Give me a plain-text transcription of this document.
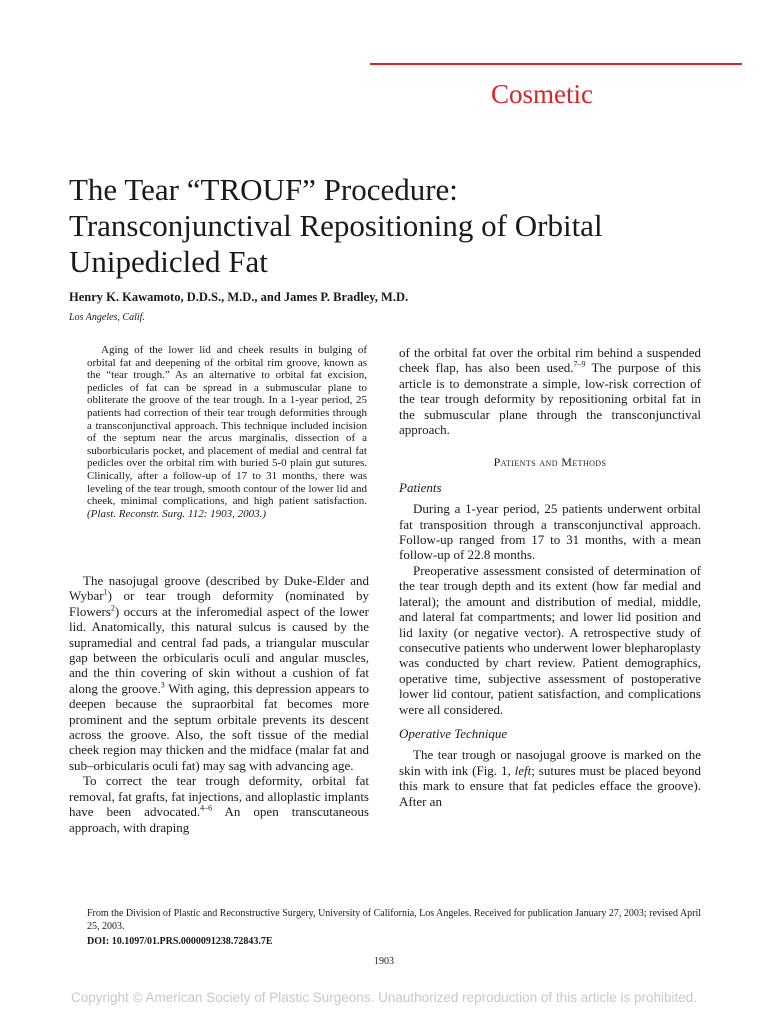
Cosmetic
The Tear “TROUF” Procedure:
Transconjunctival Repositioning of Orbital
Unipedicled Fat
Henry K. Kawamoto, D.D.S., M.D., and James P. Bradley, M.D.
Los Angeles, Calif.

Aging of the lower lid and cheek results in bulging of orbital fat and deepening of the orbital rim groove, known as the “tear trough.” As an alternative to orbital fat excision, pedicles of fat can be spread in a submuscular plane to obliterate the groove of the tear trough. In a 1-year period, 25 patients had correction of their tear trough deformities through a transconjunctival approach. This technique included incision of the septum near the arcus marginalis, dissection of a suborbicularis pocket, and placement of medial and central fat pedicles over the orbital rim with buried 5-0 plain gut sutures. Clinically, after a follow-up of 17 to 31 months, there was leveling of the tear trough, smooth contour of the lower lid and cheek, minimal complications, and high patient satisfaction. (Plast. Reconstr. Surg. 112: 1903, 2003.)

The nasojugal groove (described by Duke-Elder and Wybar$^1$) or tear trough deformity (nominated by Flowers$^2$) occurs at the inferomedial aspect of the lower lid. Anatomically, this natural sulcus is caused by the supramedial and central fad pads, a triangular muscular gap between the orbicularis oculi and angular muscles, and the thin covering of skin without a cushion of fat along the groove.$^3$ With aging, this depression appears to deepen because the supraorbital fat becomes more prominent and the septum orbitale prevents its descent across the groove. Also, the soft tissue of the medial cheek region may thicken and the midface (malar fat and sub–orbicularis oculi fat) may sag with advancing age.

To correct the tear trough deformity, orbital fat removal, fat grafts, fat injections, and alloplastic implants have been advocated.$^{4-6}$ An open transcutaneous approach, with draping

of the orbital fat over the orbital rim behind a suspended cheek flap, has also been used.$^{7-9}$ The purpose of this article is to demonstrate a simple, low-risk correction of the tear trough deformity by repositioning orbital fat in the submuscular plane through the transconjunctival approach.

Patients and Methods
Patients

During a 1-year period, 25 patients underwent orbital fat transposition through a transconjunctival approach. Follow-up ranged from 17 to 31 months, with a mean follow-up of 22.8 months.

Preoperative assessment consisted of determination of the tear trough depth and its extent (how far medial and lateral); the amount and distribution of medial, middle, and lateral fat compartments; and lower lid position and lid laxity (or negative vector). A retrospective study of consecutive patients who underwent lower blepharoplasty was conducted by chart review. Patient demographics, operative time, subjective assessment of postoperative lower lid contour, patient satisfaction, and complications were all considered.

Operative Technique

The tear trough or nasojugal groove is marked on the skin with ink (Fig. 1, left; sutures must be placed beyond this mark to ensure that fat pedicles efface the groove). After an

From the Division of Plastic and Reconstructive Surgery, University of California, Los Angeles. Received for publication January 27, 2003; revised April 25, 2003.
DOI: 10.1097/01.PRS.0000091238.72843.7E
1903
Copyright © American Society of Plastic Surgeons. Unauthorized reproduction of this article is prohibited.
